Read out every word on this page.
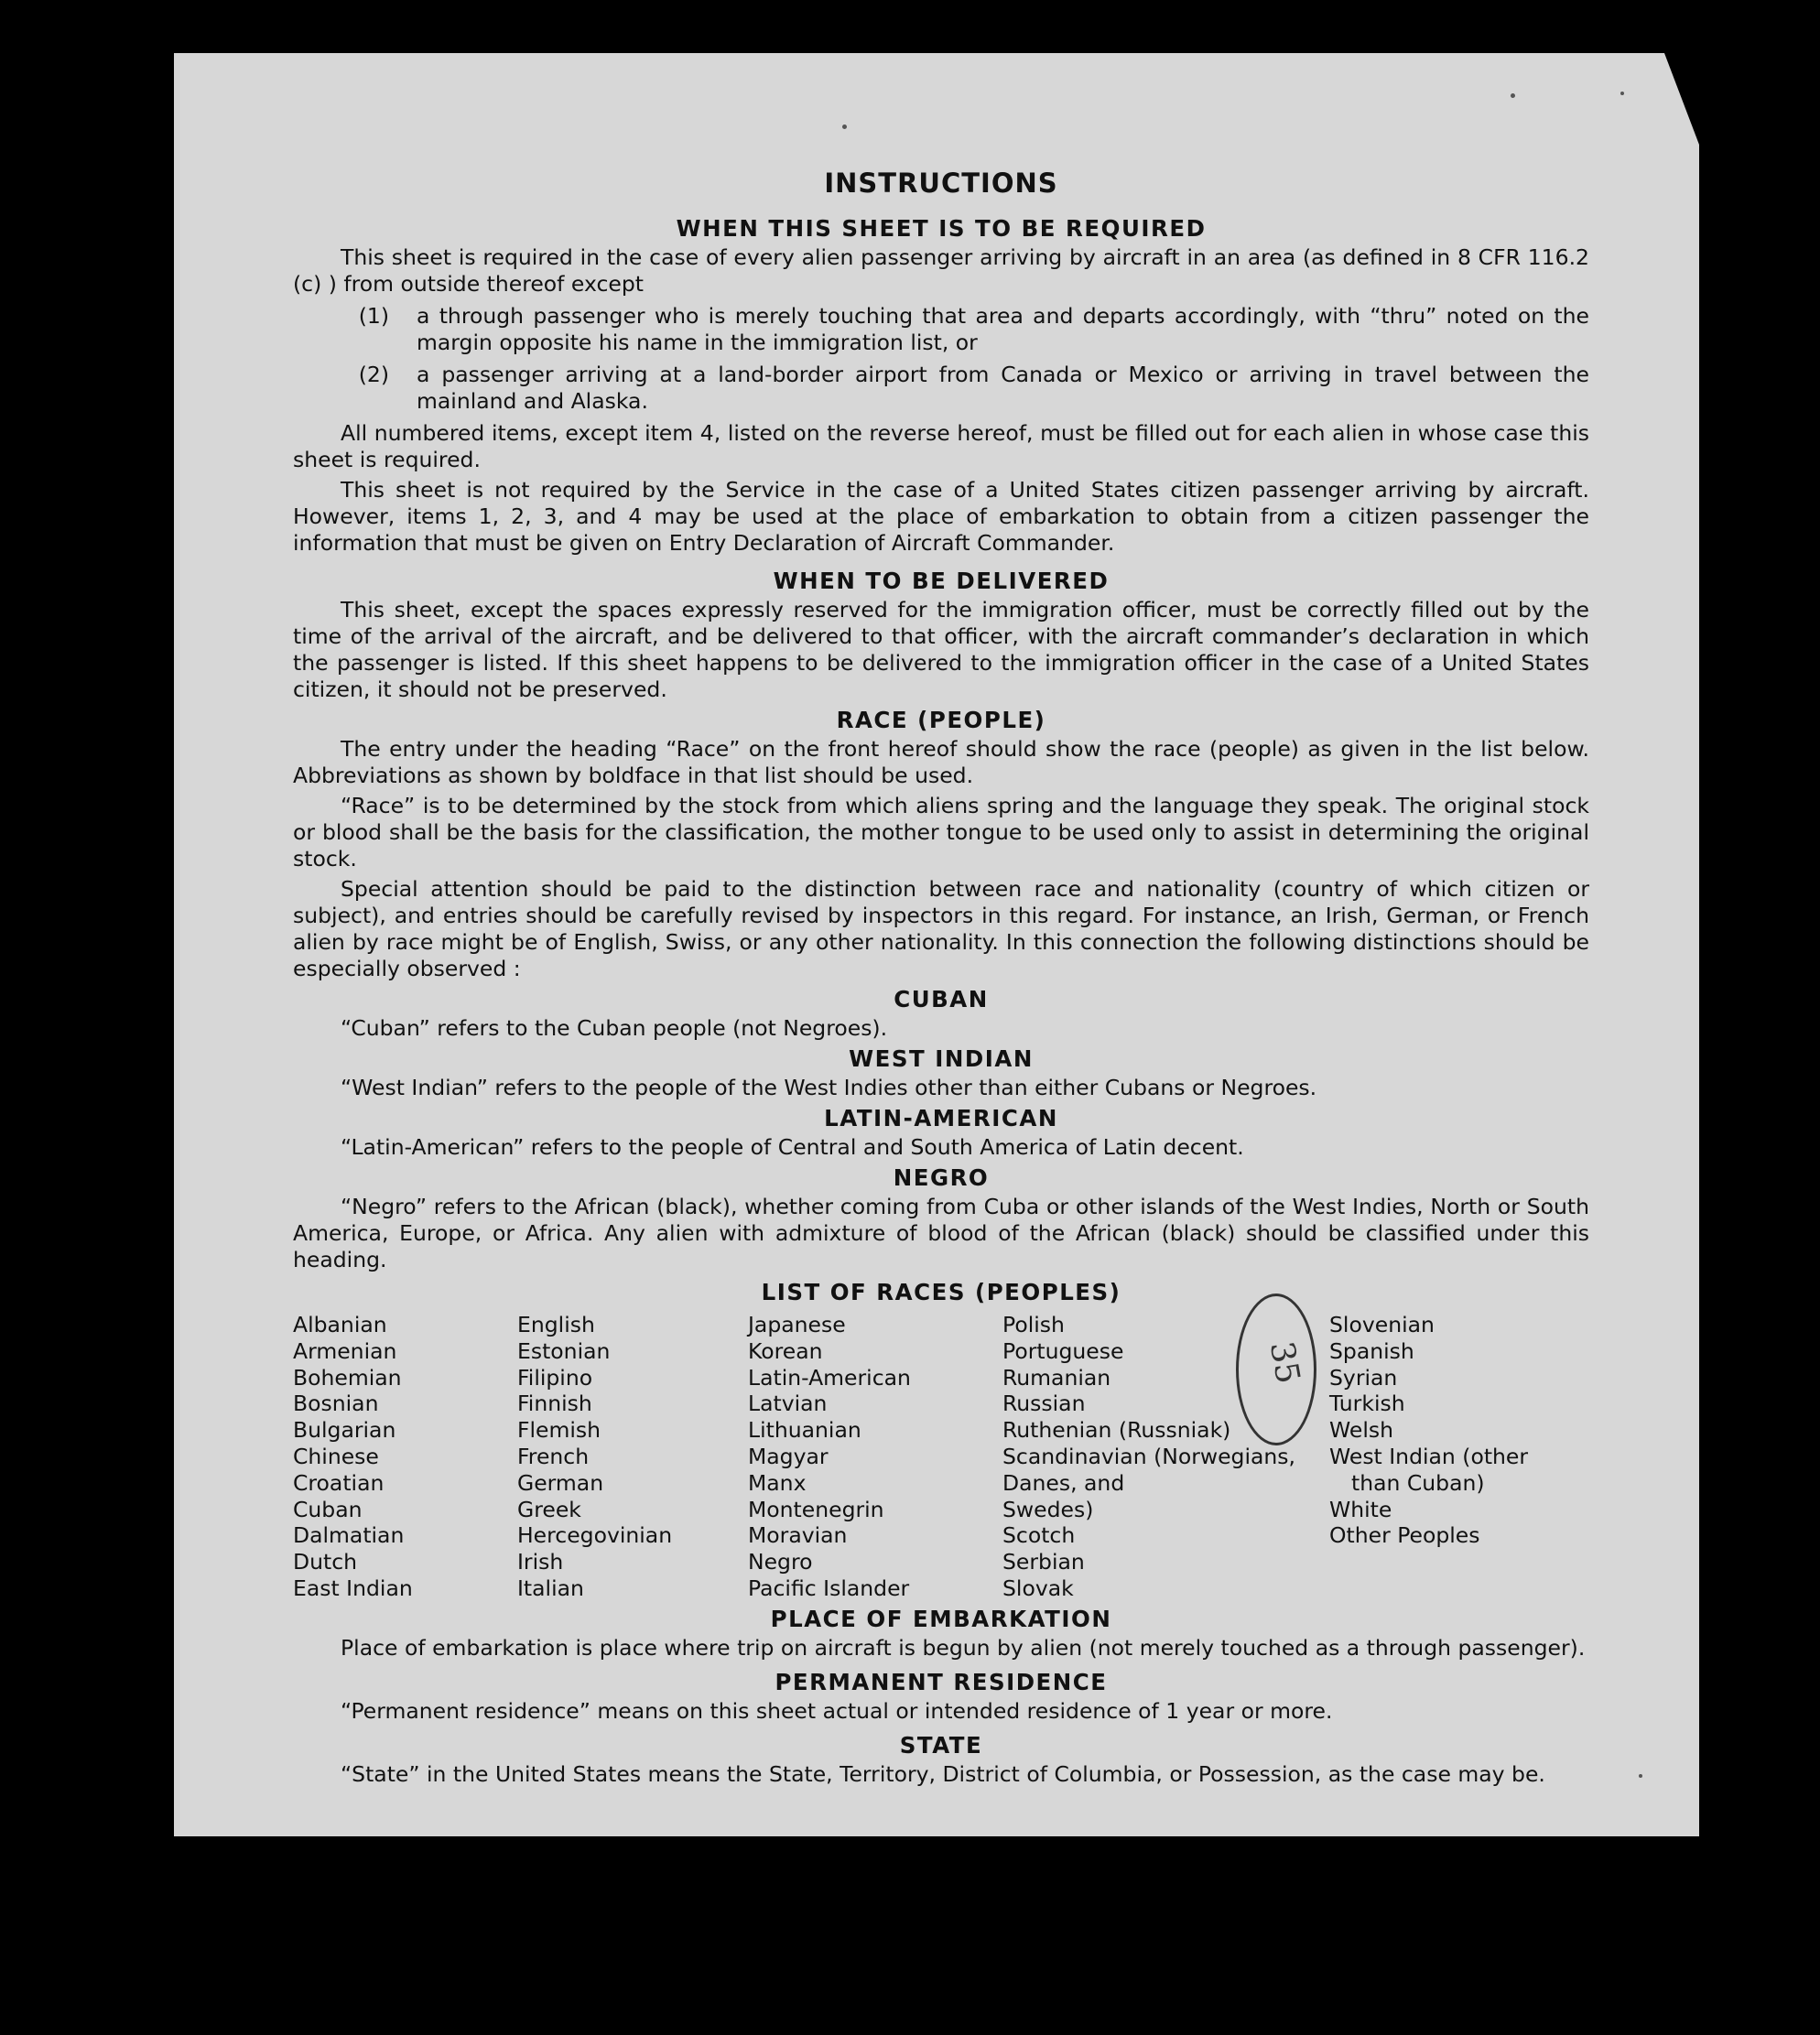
35
INSTRUCTIONS
WHEN THIS SHEET IS TO BE REQUIRED

This sheet is required in the case of every alien passenger arriving by aircraft in an area (as defined in 8 CFR 116.2 (c) ) from outside thereof except

(1)	a through passenger who is merely touching that area and departs accordingly, with “thru” noted on the margin opposite his name in the immigration list, or
(2)	a passenger arriving at a land-border airport from Canada or Mexico or arriving in travel between the mainland and Alaska.

All numbered items, except item 4, listed on the reverse hereof, must be filled out for each alien in whose case this sheet is required.

This sheet is not required by the Service in the case of a United States citizen passenger arriving by aircraft. However, items 1, 2, 3, and 4 may be used at the place of embarkation to obtain from a citizen passenger the information that must be given on Entry Declaration of Aircraft Commander.

WHEN TO BE DELIVERED

This sheet, except the spaces expressly reserved for the immigration officer, must be correctly filled out by the time of the arrival of the aircraft, and be delivered to that officer, with the aircraft commander’s declaration in which the passenger is listed. If this sheet happens to be delivered to the immigration officer in the case of a United States citizen, it should not be preserved.

RACE (PEOPLE)

The entry under the heading “Race” on the front hereof should show the race (people) as given in the list below. Abbreviations as shown by boldface in that list should be used.

“Race” is to be determined by the stock from which aliens spring and the language they speak. The original stock or blood shall be the basis for the classification, the mother tongue to be used only to assist in determining the original stock.

Special attention should be paid to the distinction between race and nationality (country of which citizen or subject), and entries should be carefully revised by inspectors in this regard. For instance, an Irish, German, or French alien by race might be of English, Swiss, or any other nationality. In this connection the following distinctions should be especially observed :

CUBAN

“Cuban” refers to the Cuban people (not Negroes).

WEST INDIAN

“West Indian” refers to the people of the West Indies other than either Cubans or Negroes.

LATIN-AMERICAN

“Latin-American” refers to the people of Central and South America of Latin decent.

NEGRO

“Negro” refers to the African (black), whether coming from Cuba or other islands of the West Indies, North or South America, Europe, or Africa. Any alien with admixture of blood of the African (black) should be classified under this heading.

LIST OF RACES (PEOPLES)
Albanian
Armenian
Bohemian
Bosnian
Bulgarian
Chinese
Croatian
Cuban
Dalmatian
Dutch
East Indian
English
Estonian
Filipino
Finnish
Flemish
French
German
Greek
Hercegovinian
Irish
Italian
Japanese
Korean
Latin-American
Latvian
Lithuanian
Magyar
Manx
Montenegrin
Moravian
Negro
Pacific Islander
Polish
Portuguese
Rumanian
Russian
Ruthenian (Russniak)
Scandinavian (Norwegians,
Danes, and
Swedes)
Scotch
Serbian
Slovak
Slovenian
Spanish
Syrian
Turkish
Welsh
West Indian (other
than Cuban)
White
Other Peoples
PLACE OF EMBARKATION

Place of embarkation is place where trip on aircraft is begun by alien (not merely touched as a through passenger).

PERMANENT RESIDENCE

“Permanent residence” means on this sheet actual or intended residence of 1 year or more.

STATE

“State” in the United States means the State, Territory, District of Columbia, or Possession, as the case may be.
